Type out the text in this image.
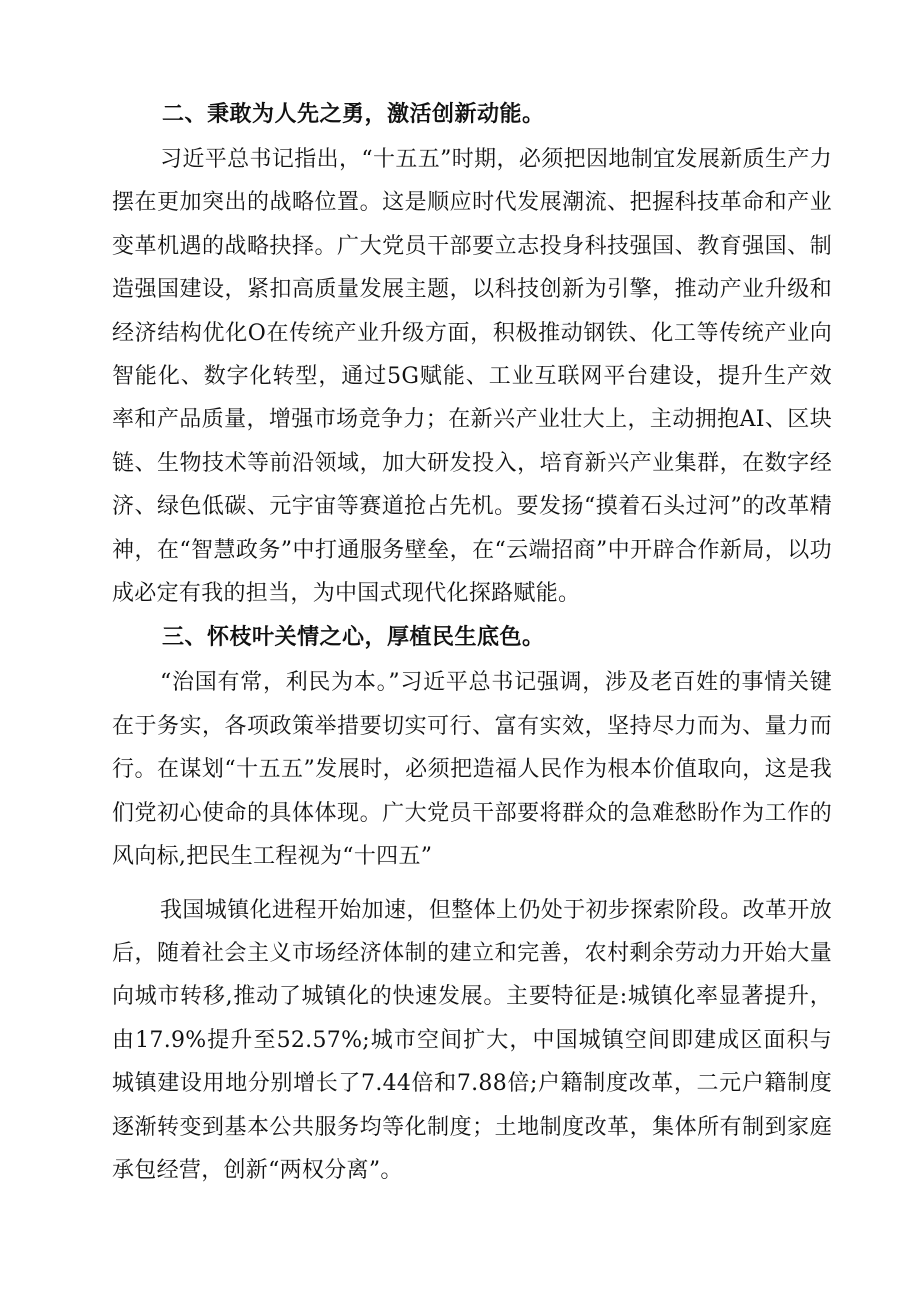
二、秉敢为人先之勇，激活创新动能。

习近平总书记指出，“十五五”时期，必须把因地制宜发展新质生产力摆在更加突出的战略位置。这是顺应时代发展潮流、把握科技革命和产业变革机遇的战略抉择。广大党员干部要立志投身科技强国、教育强国、制造强国建设，紧扣高质量发展主题，以科技创新为引擎，推动产业升级和经济结构优化O在传统产业升级方面，积极推动钢铁、化工等传统产业向智能化、数字化转型，通过5G赋能、工业互联网平台建设，提升生产效率和产品质量，增强市场竞争力；在新兴产业壮大上，主动拥抱AI、区块链、生物技术等前沿领域，加大研发投入，培育新兴产业集群，在数字经济、绿色低碳、元宇宙等赛道抢占先机。要发扬“摸着石头过河”的改革精神，在“智慧政务”中打通服务壁垒，在“云端招商”中开辟合作新局，以功成必定有我的担当，为中国式现代化探路赋能。

三、怀枝叶关情之心，厚植民生底色。

“治国有常，利民为本。”习近平总书记强调，涉及老百姓的事情关键在于务实，各项政策举措要切实可行、富有实效，坚持尽力而为、量力而行。在谋划“十五五”发展时，必须把造福人民作为根本价值取向，这是我们党初心使命的具体体现。广大党员干部要将群众的急难愁盼作为工作的风向标,把民生工程视为“十四五”

我国城镇化进程开始加速，但整体上仍处于初步探索阶段。改革开放后，随着社会主义市场经济体制的建立和完善，农村剩余劳动力开始大量向城市转移,推动了城镇化的快速发展。主要特征是:城镇化率显著提升，由17.9%提升至52.57%;城市空间扩大，中国城镇空间即建成区面积与城镇建设用地分别增长了7.44倍和7.88倍;户籍制度改革，二元户籍制度逐渐转变到基本公共服务均等化制度；土地制度改革，集体所有制到家庭承包经营，创新“两权分离”。
